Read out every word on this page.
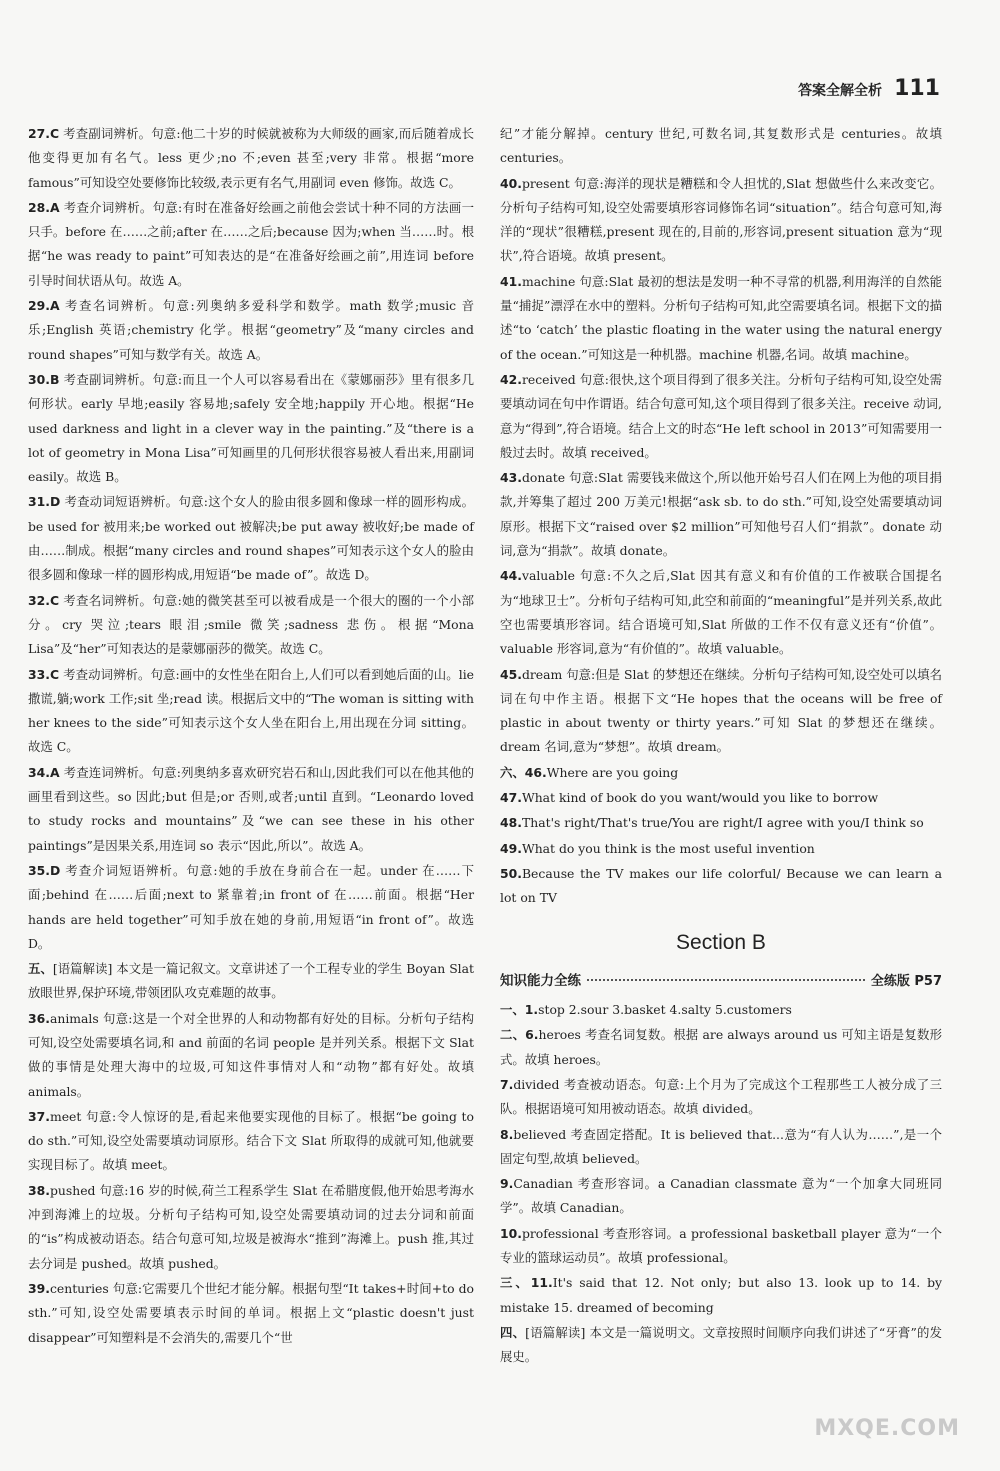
答案全解全析 111
27.C 考查副词辨析。句意:他二十岁的时候就被称为大师级的画家,而后随着成长他变得更加有名气。less 更少;no 不;even 甚至;very 非常。根据“more famous”可知设空处要修饰比较级,表示更有名气,用副词 even 修饰。故选 C。
28.A 考查介词辨析。句意:有时在准备好绘画之前他会尝试十种不同的方法画一只手。before 在……之前;after 在……之后;because 因为;when 当……时。根据“he was ready to paint”可知表达的是“在准备好绘画之前”,用连词 before 引导时间状语从句。故选 A。
29.A 考查名词辨析。句意:列奥纳多爱科学和数学。math 数学;music 音乐;English 英语;chemistry 化学。根据“geometry”及“many circles and round shapes”可知与数学有关。故选 A。
30.B 考查副词辨析。句意:而且一个人可以容易看出在《蒙娜丽莎》里有很多几何形状。early 早地;easily 容易地;safely 安全地;happily 开心地。根据“He used darkness and light in a clever way in the painting.”及“there is a lot of geometry in Mona Lisa”可知画里的几何形状很容易被人看出来,用副词 easily。故选 B。
31.D 考查动词短语辨析。句意:这个女人的脸由很多圆和像球一样的圆形构成。be used for 被用来;be worked out 被解决;be put away 被收好;be made of 由……制成。根据“many circles and round shapes”可知表示这个女人的脸由很多圆和像球一样的圆形构成,用短语“be made of”。故选 D。
32.C 考查名词辨析。句意:她的微笑甚至可以被看成是一个很大的圈的一个小部分。cry 哭泣;tears 眼泪;smile 微笑;sadness 悲伤。根据“Mona Lisa”及“her”可知表达的是蒙娜丽莎的微笑。故选 C。
33.C 考查动词辨析。句意:画中的女性坐在阳台上,人们可以看到她后面的山。lie 撒谎,躺;work 工作;sit 坐;read 读。根据后文中的“The woman is sitting with her knees to the side”可知表示这个女人坐在阳台上,用出现在分词 sitting。故选 C。
34.A 考查连词辨析。句意:列奥纳多喜欢研究岩石和山,因此我们可以在他其他的画里看到这些。so 因此;but 但是;or 否则,或者;until 直到。“Leonardo loved to study rocks and mountains”及“we can see these in his other paintings”是因果关系,用连词 so 表示“因此,所以”。故选 A。
35.D 考查介词短语辨析。句意:她的手放在身前合在一起。under 在……下面;behind 在……后面;next to 紧靠着;in front of 在……前面。根据“Her hands are held together”可知手放在她的身前,用短语“in front of”。故选 D。
五、[语篇解读] 本文是一篇记叙文。文章讲述了一个工程专业的学生 Boyan Slat 放眼世界,保护环境,带领团队攻克难题的故事。
36.animals 句意:这是一个对全世界的人和动物都有好处的目标。分析句子结构可知,设空处需要填名词,和 and 前面的名词 people 是并列关系。根据下文 Slat 做的事情是处理大海中的垃圾,可知这件事情对人和“动物”都有好处。故填 animals。
37.meet 句意:令人惊讶的是,看起来他要实现他的目标了。根据“be going to do sth.”可知,设空处需要填动词原形。结合下文 Slat 所取得的成就可知,他就要实现目标了。故填 meet。
38.pushed 句意:16 岁的时候,荷兰工程系学生 Slat 在希腊度假,他开始思考海水冲到海滩上的垃圾。分析句子结构可知,设空处需要填动词的过去分词和前面的“is”构成被动语态。结合句意可知,垃圾是被海水“推到”海滩上。push 推,其过去分词是 pushed。故填 pushed。
39.centuries 句意:它需要几个世纪才能分解。根据句型“It takes+时间+to do sth.”可知,设空处需要填表示时间的单词。根据上文“plastic doesn't just disappear”可知塑料是不会消失的,需要几个“世
纪”才能分解掉。century 世纪,可数名词,其复数形式是 centuries。故填 centuries。
40.present 句意:海洋的现状是糟糕和令人担忧的,Slat 想做些什么来改变它。分析句子结构可知,设空处需要填形容词修饰名词“situation”。结合句意可知,海洋的“现状”很糟糕,present 现在的,目前的,形容词,present situation 意为“现状”,符合语境。故填 present。
41.machine 句意:Slat 最初的想法是发明一种不寻常的机器,利用海洋的自然能量“捕捉”漂浮在水中的塑料。分析句子结构可知,此空需要填名词。根据下文的描述“to ‘catch’ the plastic floating in the water using the natural energy of the ocean.”可知这是一种机器。machine 机器,名词。故填 machine。
42.received 句意:很快,这个项目得到了很多关注。分析句子结构可知,设空处需要填动词在句中作谓语。结合句意可知,这个项目得到了很多关注。receive 动词,意为“得到”,符合语境。结合上文的时态“He left school in 2013”可知需要用一般过去时。故填 received。
43.donate 句意:Slat 需要钱来做这个,所以他开始号召人们在网上为他的项目捐款,并筹集了超过 200 万美元!根据“ask sb. to do sth.”可知,设空处需要填动词原形。根据下文“raised over $2 million”可知他号召人们“捐款”。donate 动词,意为“捐款”。故填 donate。
44.valuable 句意:不久之后,Slat 因其有意义和有价值的工作被联合国提名为“地球卫士”。分析句子结构可知,此空和前面的“meaningful”是并列关系,故此空也需要填形容词。结合语境可知,Slat 所做的工作不仅有意义还有“价值”。valuable 形容词,意为“有价值的”。故填 valuable。
45.dream 句意:但是 Slat 的梦想还在继续。分析句子结构可知,设空处可以填名词在句中作主语。根据下文“He hopes that the oceans will be free of plastic in about twenty or thirty years.”可知 Slat 的梦想还在继续。dream 名词,意为“梦想”。故填 dream。
六、46.Where are you going
47.What kind of book do you want/would you like to borrow
48.That's right/That's true/You are right/I agree with you/I think so
49.What do you think is the most useful invention
50.Because the TV makes our life colorful/ Because we can learn a lot on TV
Section B
知识能力全练	全练版 P57
一、1.stop 2.sour 3.basket 4.salty 5.customers
二、6.heroes 考查名词复数。根据 are always around us 可知主语是复数形式。故填 heroes。
7.divided 考查被动语态。句意:上个月为了完成这个工程那些工人被分成了三队。根据语境可知用被动语态。故填 divided。
8.believed 考查固定搭配。It is believed that...意为“有人认为……”,是一个固定句型,故填 believed。
9.Canadian 考查形容词。a Canadian classmate 意为“一个加拿大同班同学”。故填 Canadian。
10.professional 考查形容词。a professional basketball player 意为“一个专业的篮球运动员”。故填 professional。
三、11.It's said that 12. Not only; but also 13. look up to 14. by mistake 15. dreamed of becoming
四、[语篇解读] 本文是一篇说明文。文章按照时间顺序向我们讲述了“牙膏”的发展史。
MXQE.COM
